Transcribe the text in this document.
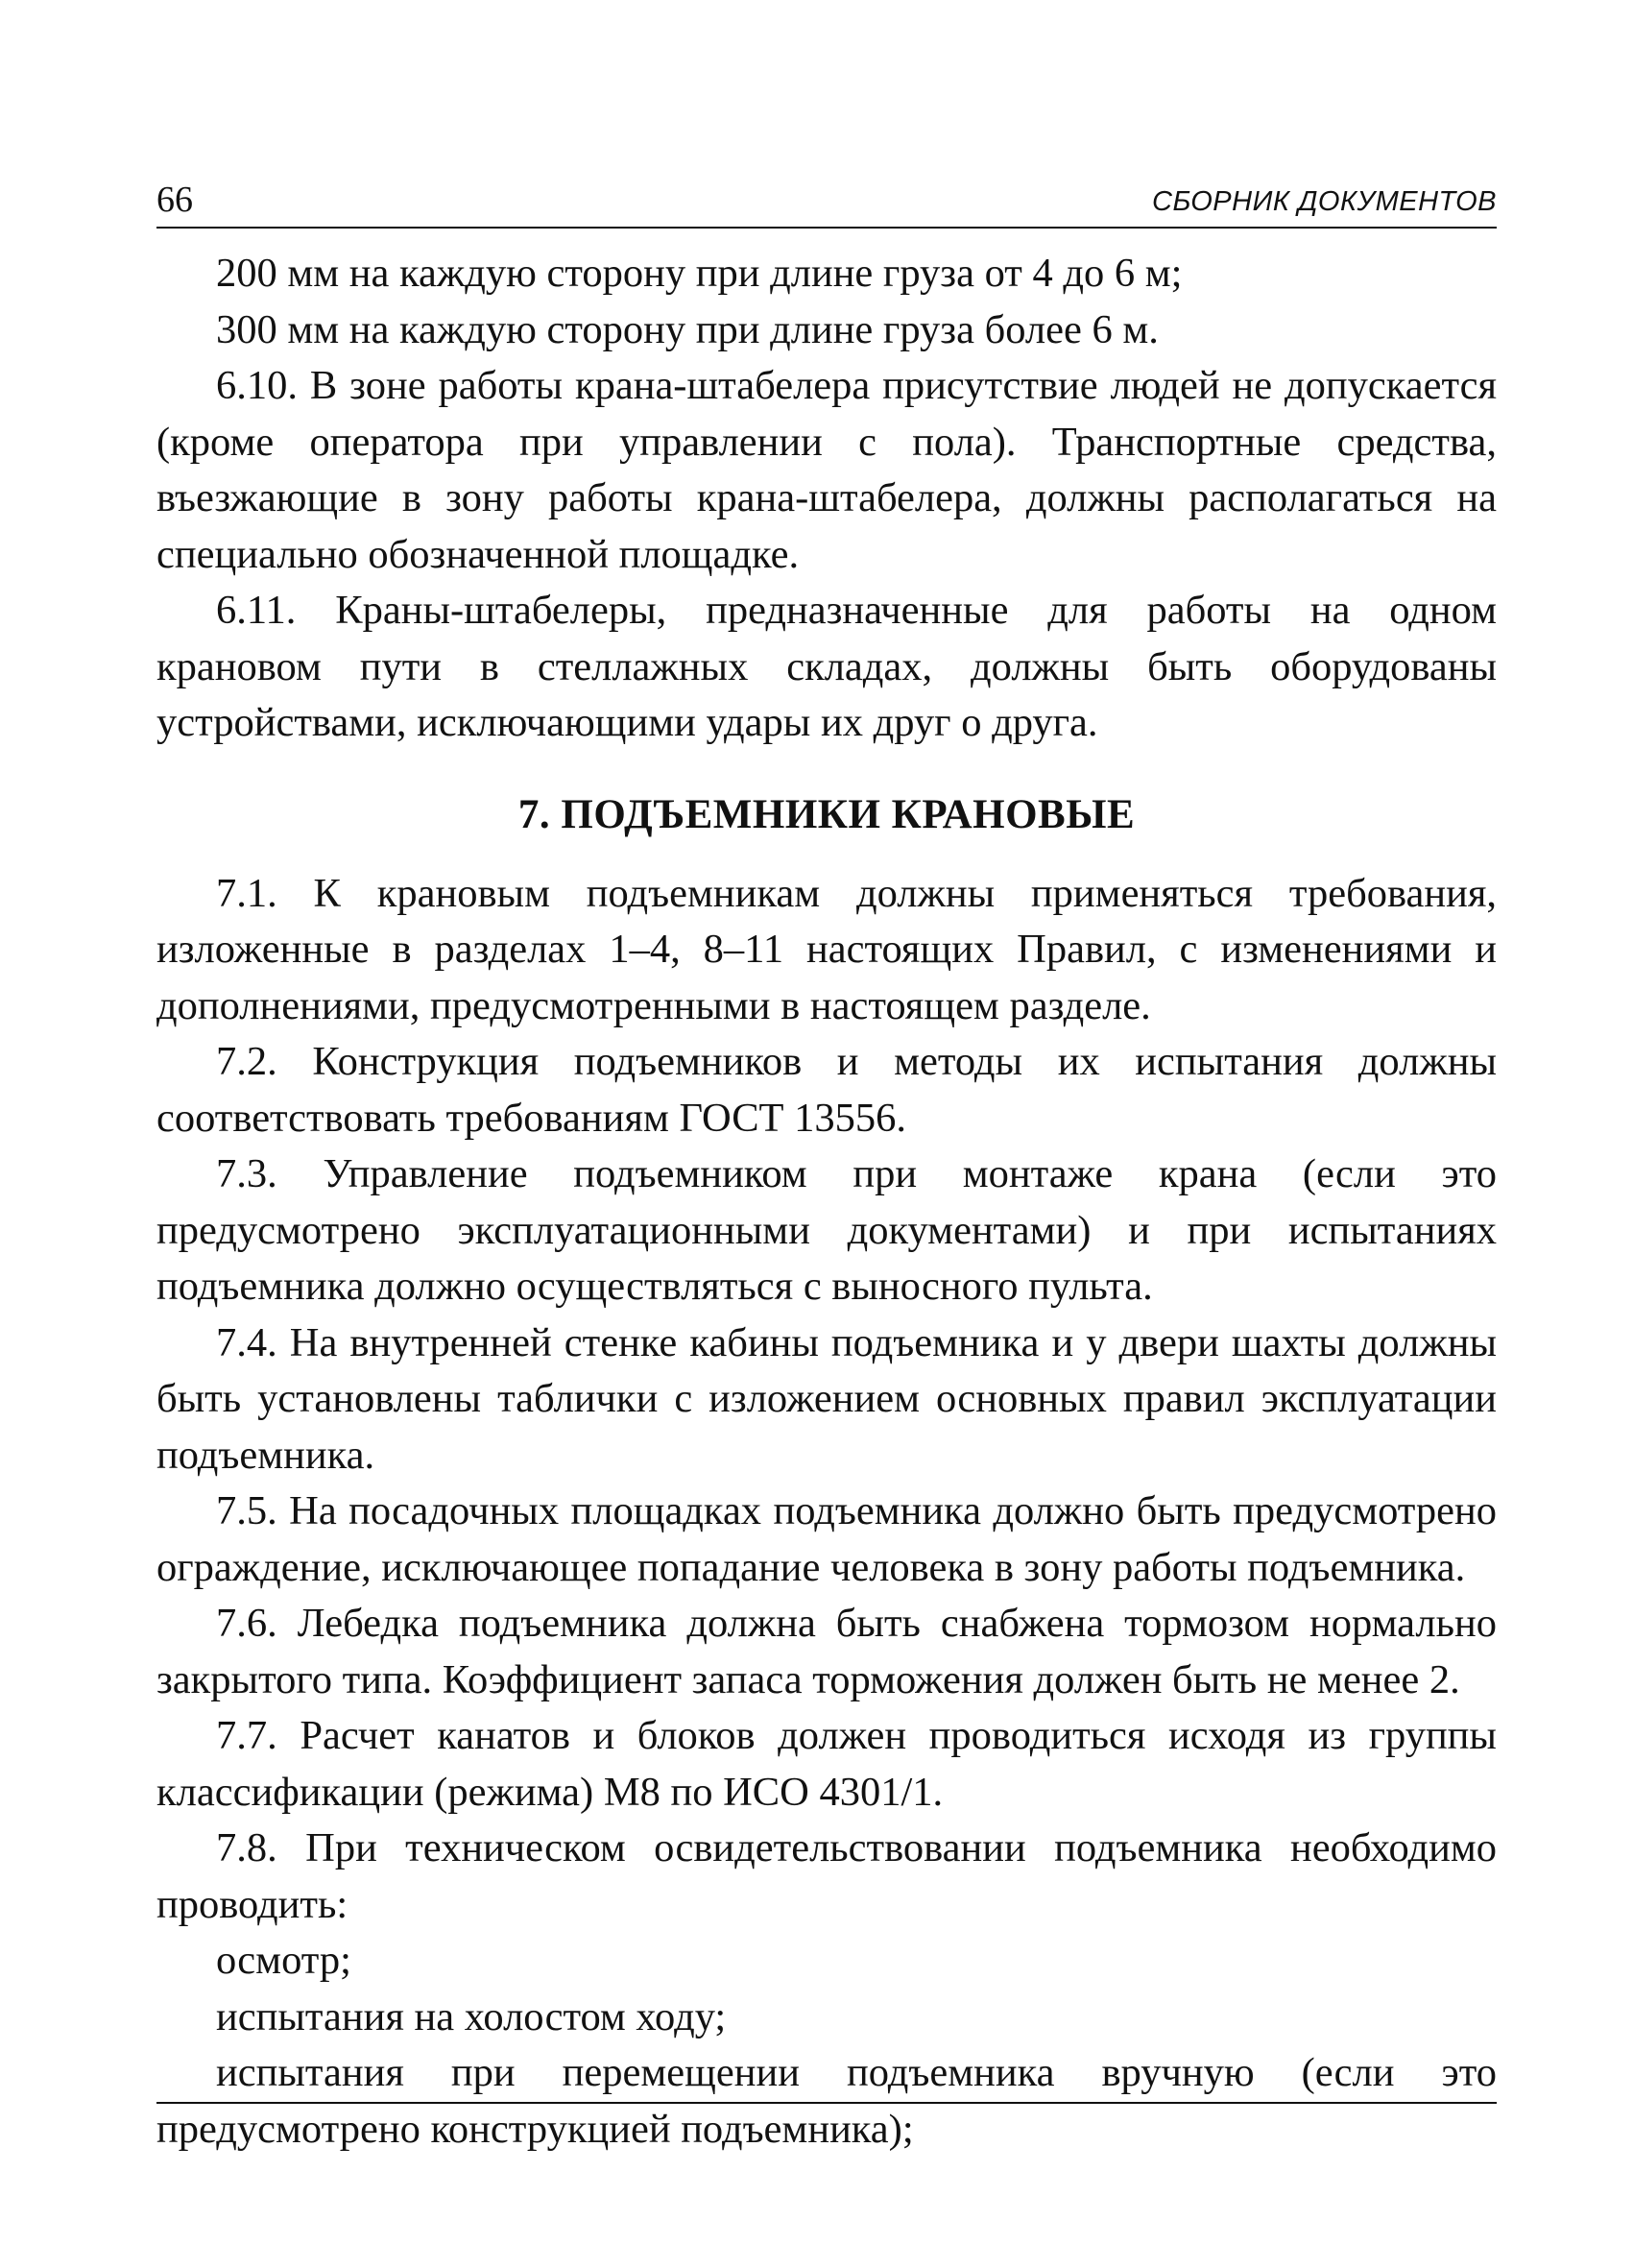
66	СБОРНИК ДОКУМЕНТОВ

200 мм на каждую сторону при длине груза от 4 до 6 м;

300 мм на каждую сторону при длине груза более 6 м.

6.10. В зоне работы крана-штабелера присутствие людей не допускается (кроме оператора при управлении с пола). Транспортные средства, въезжающие в зону работы крана-штабелера, должны располагаться на специально обозначенной площадке.

6.11. Краны-штабелеры, предназначенные для работы на одном крановом пути в стеллажных складах, должны быть оборудованы устройствами, исключающими удары их друг о друга.

7. ПОДЪЕМНИКИ КРАНОВЫЕ

7.1. К крановым подъемникам должны применяться требования, изложенные в разделах 1–4, 8–11 настоящих Правил, с изменениями и дополнениями, предусмотренными в настоящем разделе.

7.2. Конструкция подъемников и методы их испытания должны соответствовать требованиям ГОСТ 13556.

7.3. Управление подъемником при монтаже крана (если это предусмотрено эксплуатационными документами) и при испытаниях подъемника должно осуществляться с выносного пульта.

7.4. На внутренней стенке кабины подъемника и у двери шахты должны быть установлены таблички с изложением основных правил эксплуатации подъемника.

7.5. На посадочных площадках подъемника должно быть предусмотрено ограждение, исключающее попадание человека в зону работы подъемника.

7.6. Лебедка подъемника должна быть снабжена тормозом нормально закрытого типа. Коэффициент запаса торможения должен быть не менее 2.

7.7. Расчет канатов и блоков должен проводиться исходя из группы классификации (режима) М8 по ИСО 4301/1.

7.8. При техническом освидетельствовании подъемника необходимо проводить:

осмотр;

испытания на холостом ходу;

испытания при перемещении подъемника вручную (если это предусмотрено конструкцией подъемника);
